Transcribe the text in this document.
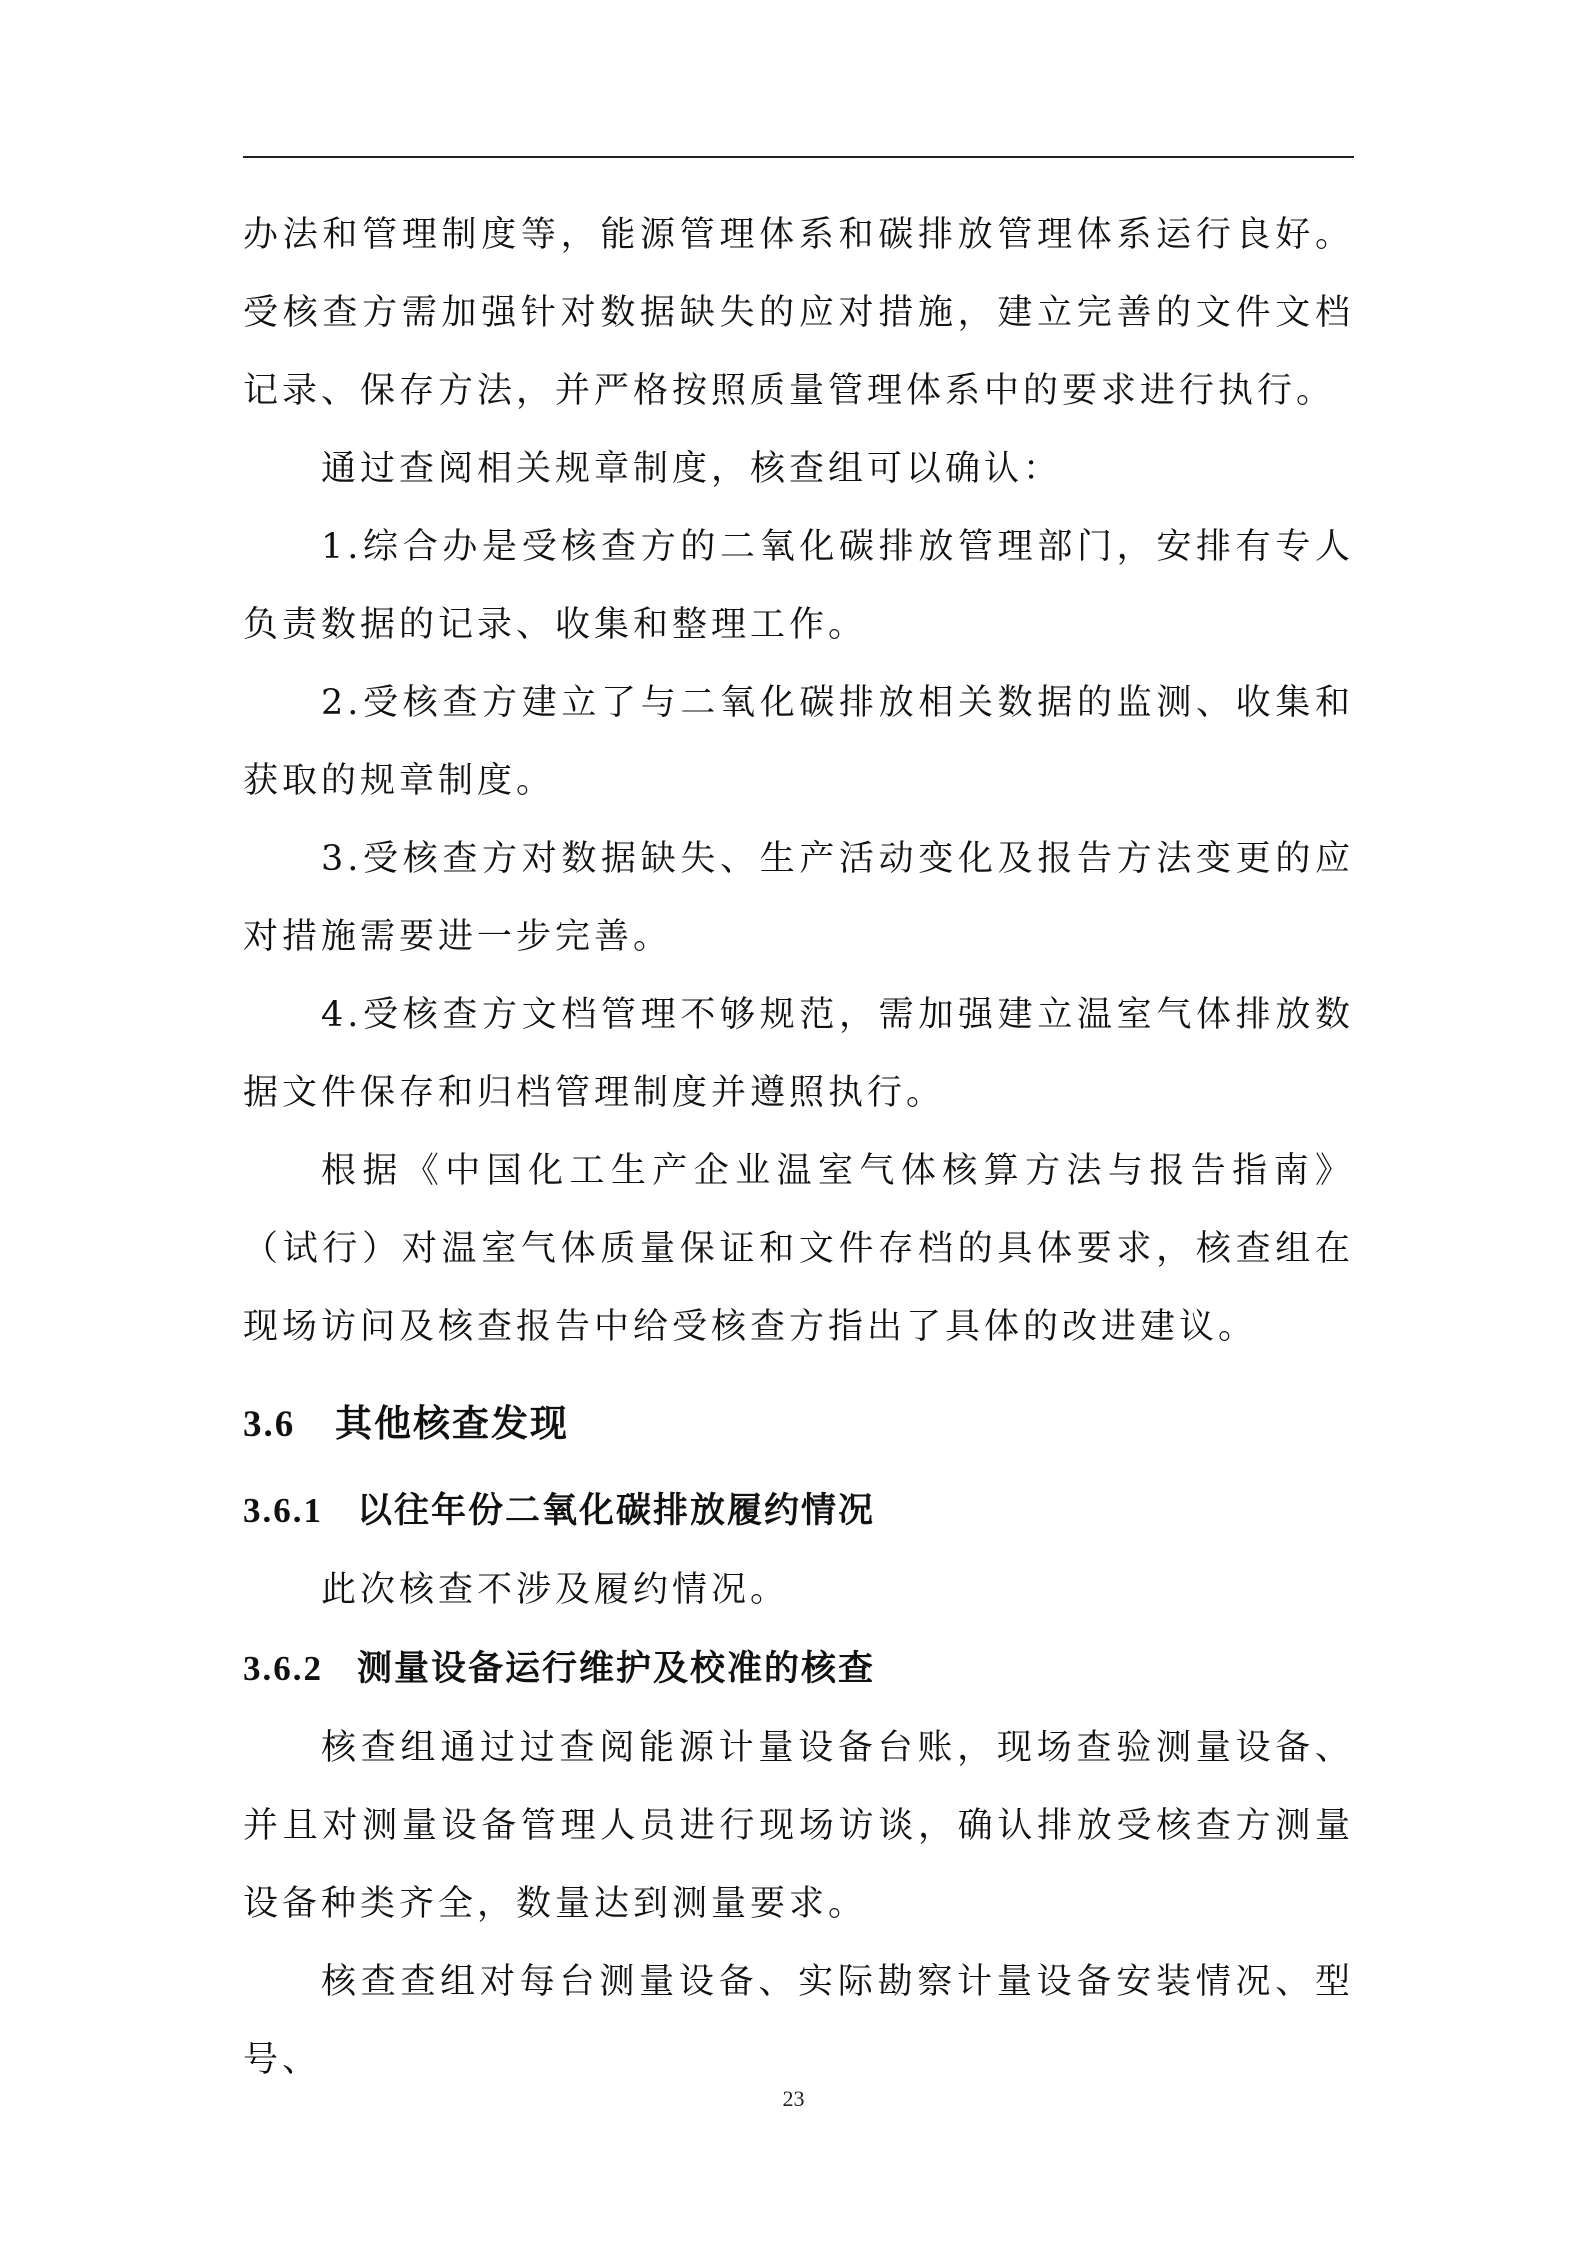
办法和管理制度等，能源管理体系和碳排放管理体系运行良好。受核查方需加强针对数据缺失的应对措施，建立完善的文件文档记录、保存方法，并严格按照质量管理体系中的要求进行执行。

通过查阅相关规章制度，核查组可以确认：

1.综合办是受核查方的二氧化碳排放管理部门，安排有专人负责数据的记录、收集和整理工作。

2.受核查方建立了与二氧化碳排放相关数据的监测、收集和获取的规章制度。

3.受核查方对数据缺失、生产活动变化及报告方法变更的应对措施需要进一步完善。

4.受核查方文档管理不够规范，需加强建立温室气体排放数据文件保存和归档管理制度并遵照执行。

根据《中国化工生产企业温室气体核算方法与报告指南》（试行）对温室气体质量保证和文件存档的具体要求，核查组在现场访问及核查报告中给受核查方指出了具体的改进建议。

3.6 其他核查发现
3.6.1 以往年份二氧化碳排放履约情况

此次核查不涉及履约情况。

3.6.2 测量设备运行维护及校准的核查

核查组通过过查阅能源计量设备台账，现场查验测量设备、并且对测量设备管理人员进行现场访谈，确认排放受核查方测量设备种类齐全，数量达到测量要求。

核查查组对每台测量设备、实际勘察计量设备安装情况、型号、

23
